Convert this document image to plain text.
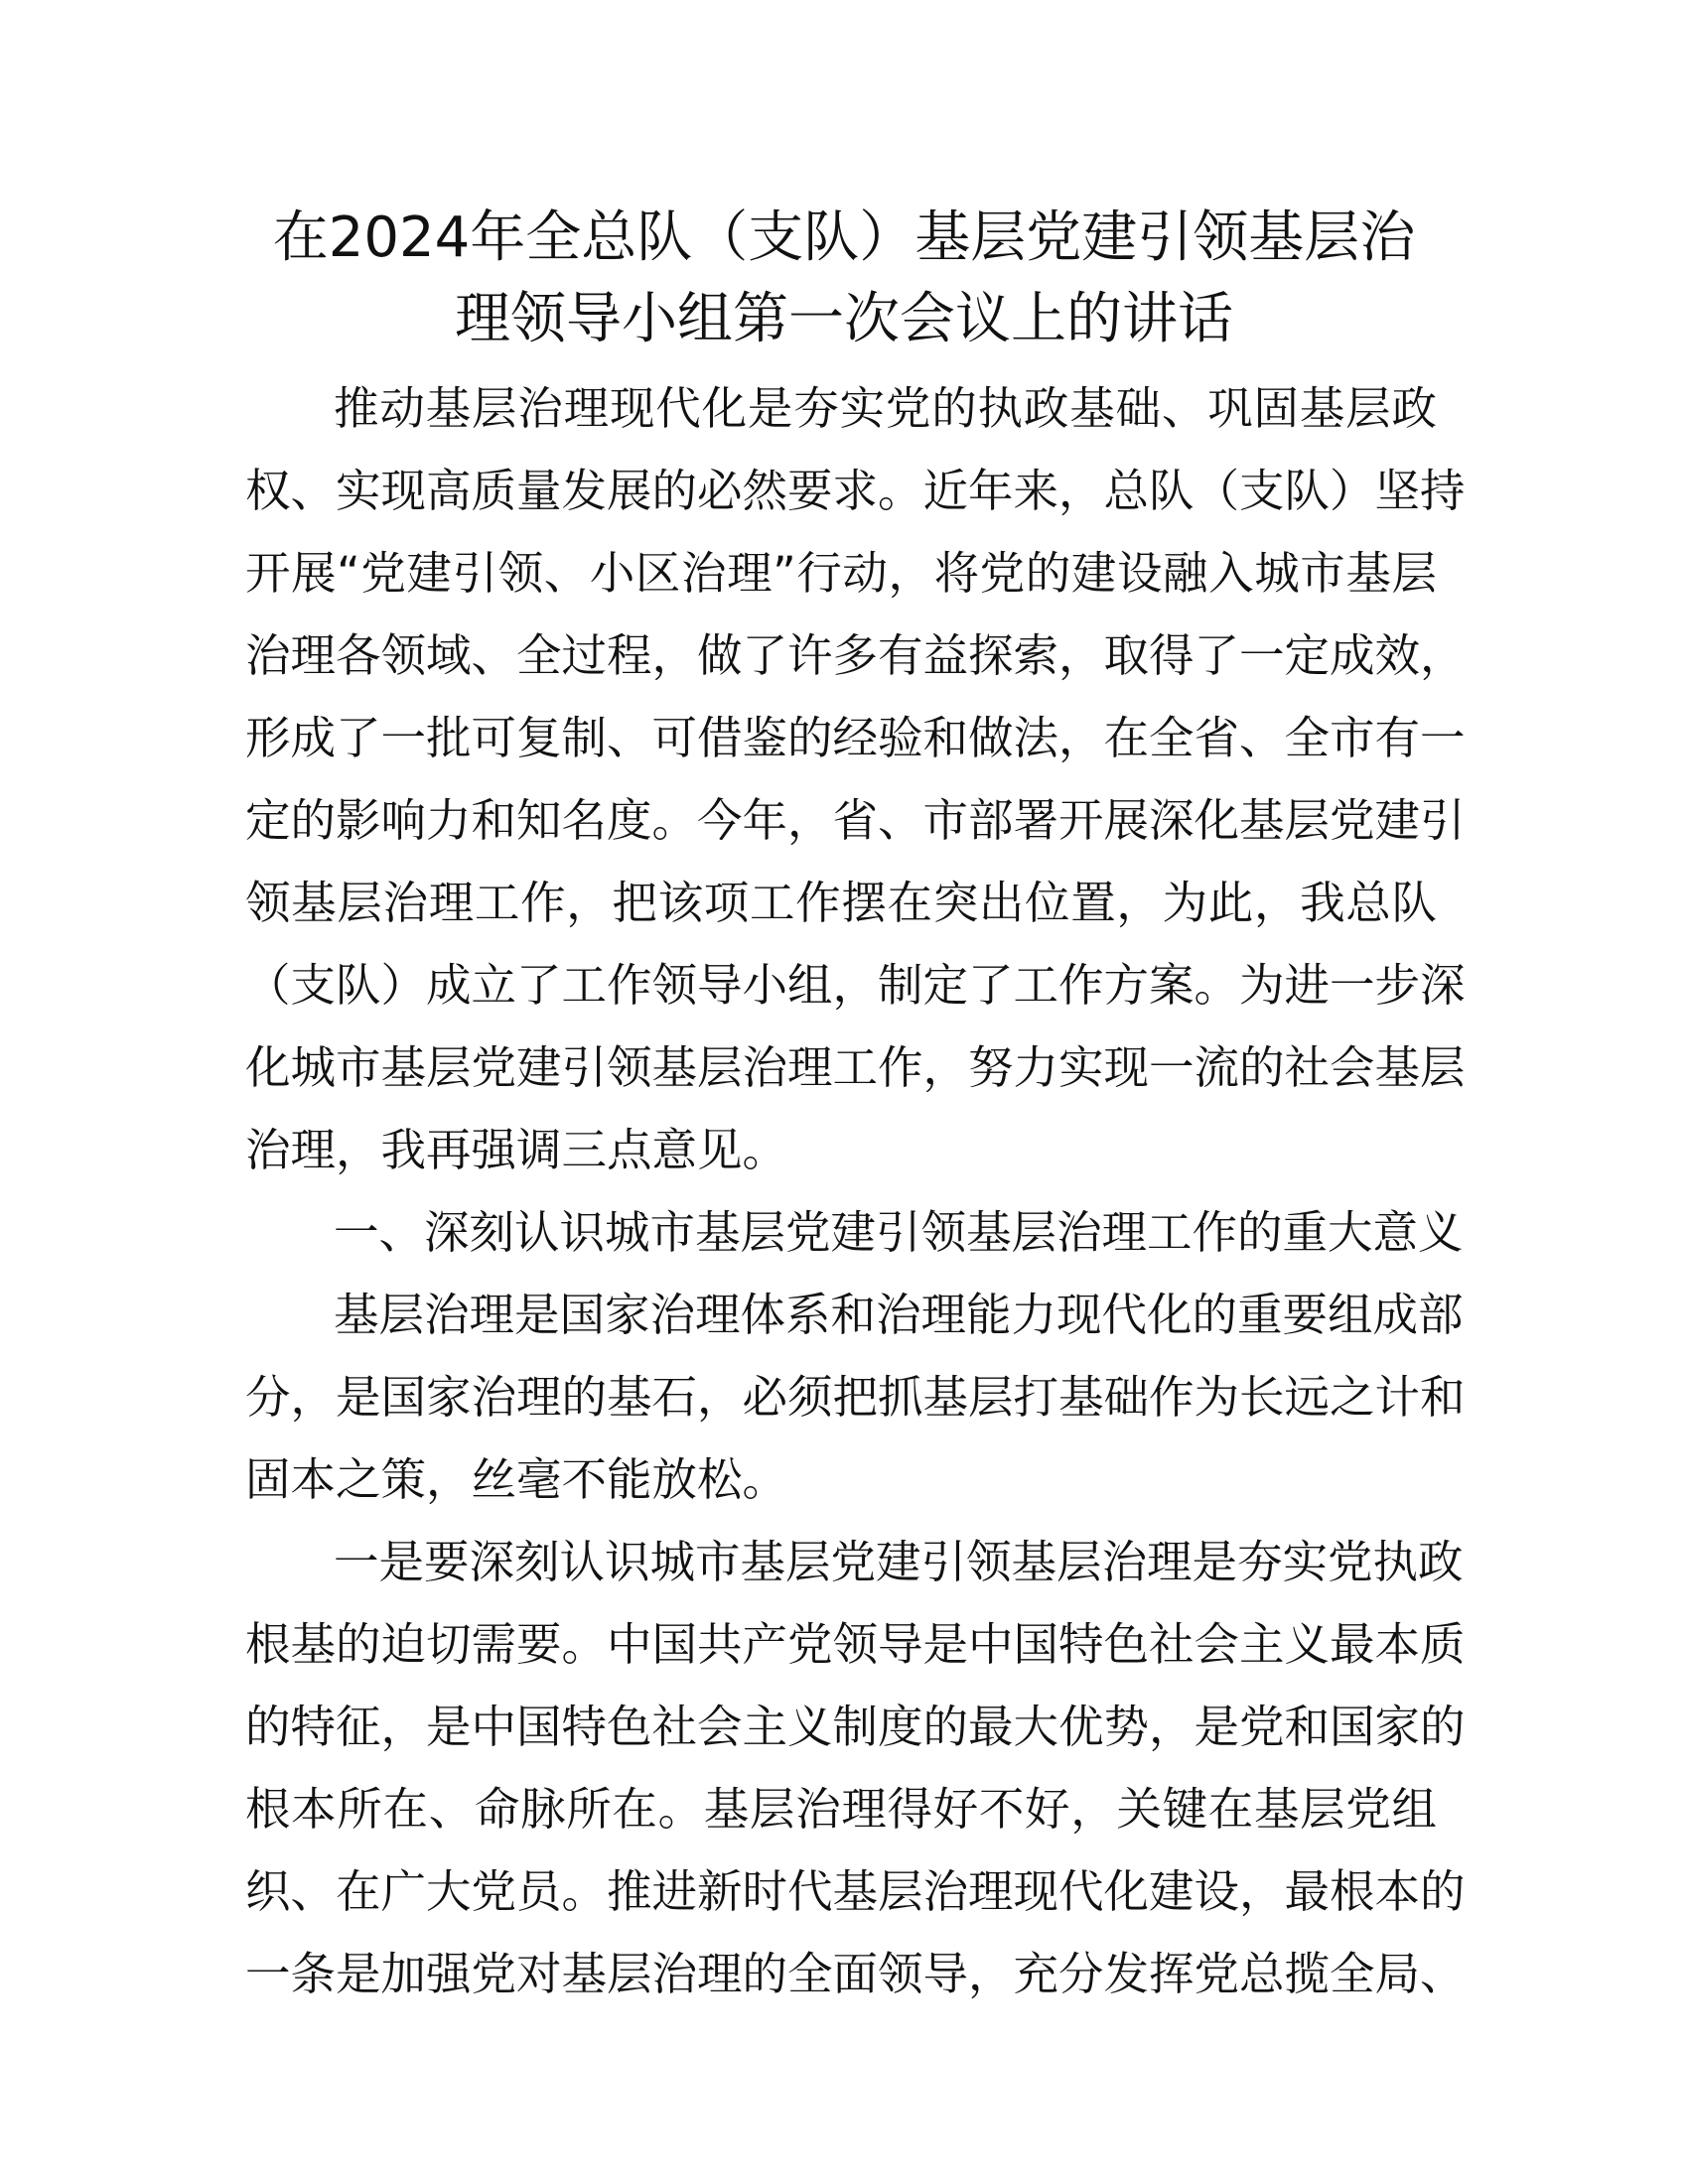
在2024年全总队（支队）基层党建引领基层治
理领导小组第一次会议上的讲话

推动基层治理现代化是夯实党的执政基础、巩固基层政

权、实现高质量发展的必然要求。近年来，总队（支队）坚持

开展“党建引领、小区治理”行动，将党的建设融入城市基层

治理各领域、全过程，做了许多有益探索，取得了一定成效，

形成了一批可复制、可借鉴的经验和做法，在全省、全市有一

定的影响力和知名度。今年，省、市部署开展深化基层党建引

领基层治理工作，把该项工作摆在突出位置，为此，我总队

（支队）成立了工作领导小组，制定了工作方案。为进一步深

化城市基层党建引领基层治理工作，努力实现一流的社会基层

治理，我再强调三点意见。

一、深刻认识城市基层党建引领基层治理工作的重大意义

基层治理是国家治理体系和治理能力现代化的重要组成部

分，是国家治理的基石，必须把抓基层打基础作为长远之计和

固本之策，丝毫不能放松。

一是要深刻认识城市基层党建引领基层治理是夯实党执政

根基的迫切需要。中国共产党领导是中国特色社会主义最本质

的特征，是中国特色社会主义制度的最大优势，是党和国家的

根本所在、命脉所在。基层治理得好不好，关键在基层党组

织、在广大党员。推进新时代基层治理现代化建设，最根本的

一条是加强党对基层治理的全面领导，充分发挥党总揽全局、
